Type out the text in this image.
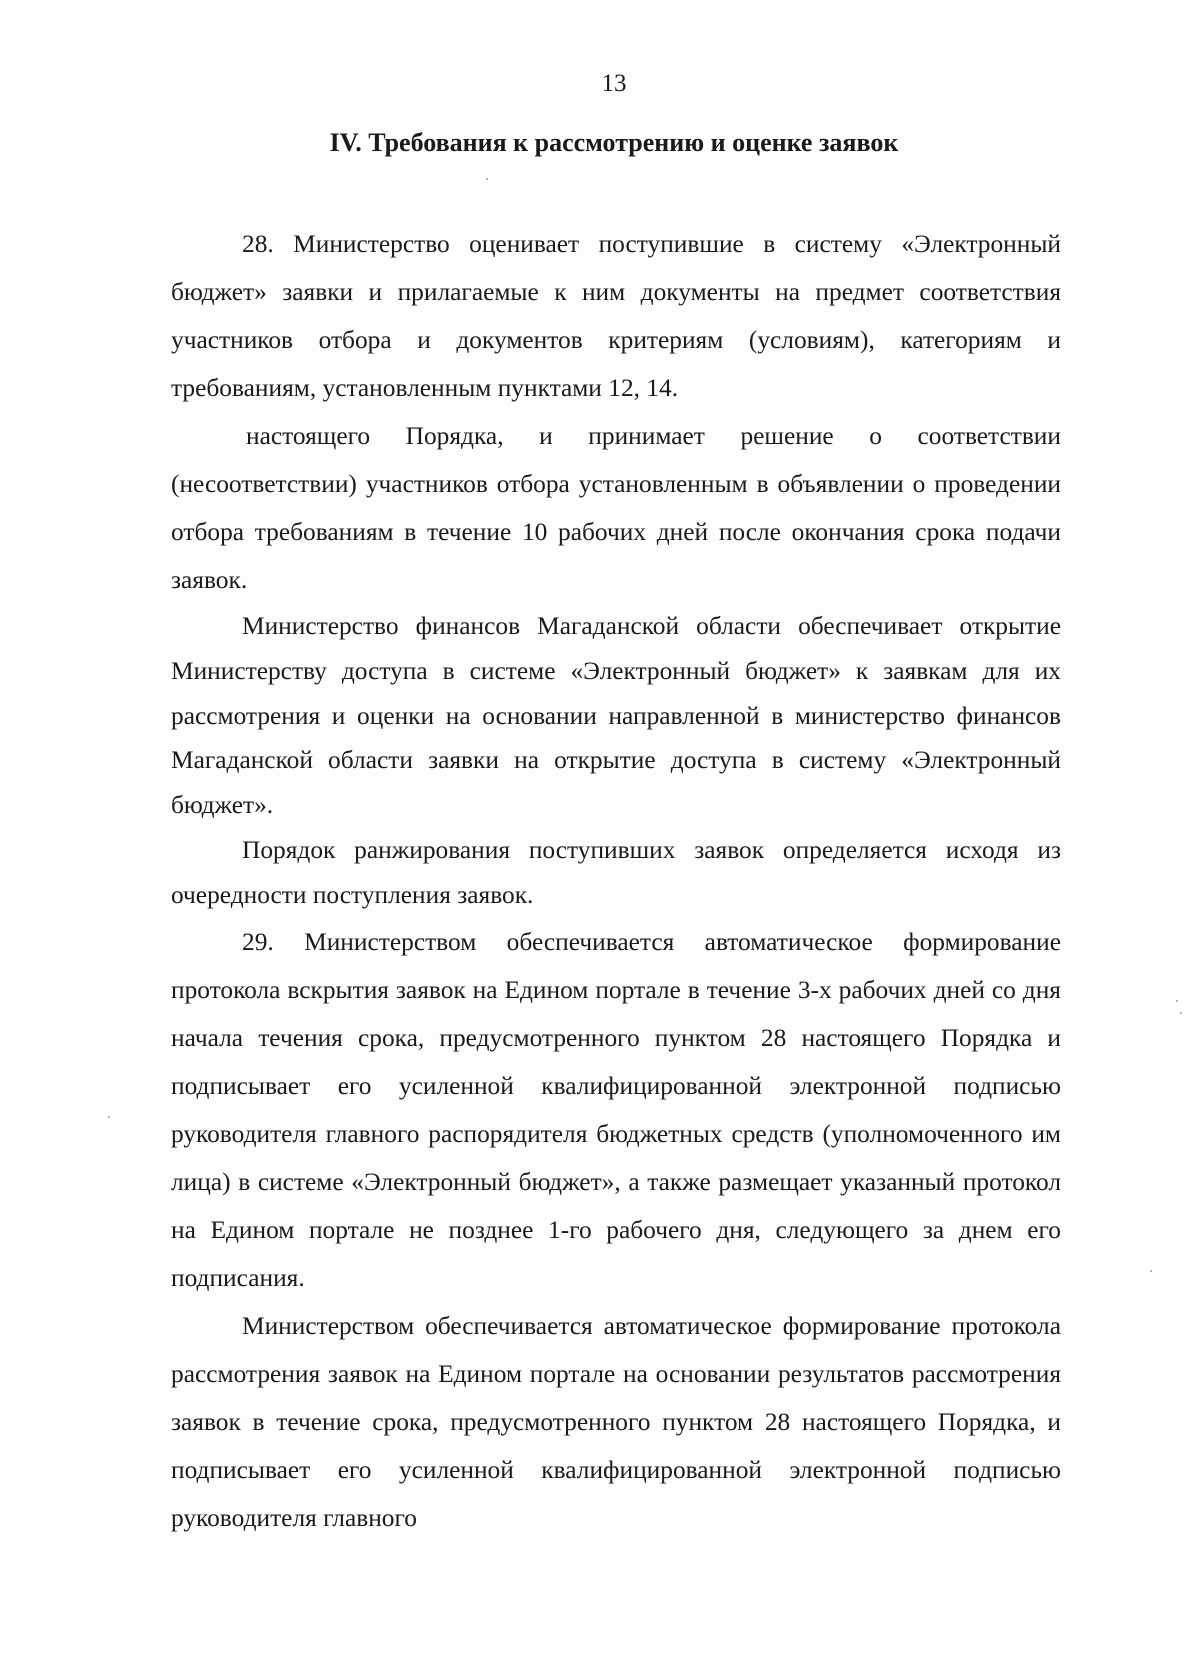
13
IV. Требования к рассмотрению и оценке заявок

28. Министерство оценивает поступившие в систему «Электронный бюджет» заявки и прилагаемые к ним документы на предмет соответствия участников отбора и документов критериям (условиям), категориям и требованиям, установленным пунктами 12, 14.

настоящего Порядка, и принимает решение о соответствии (несоответствии) участников отбора установленным в объявлении о проведении отбора требованиям в течение 10 рабочих дней после окончания срока подачи заявок.

Министерство финансов Магаданской области обеспечивает открытие Министерству доступа в системе «Электронный бюджет» к заявкам для их рассмотрения и оценки на основании направленной в министерство финансов Магаданской области заявки на открытие доступа в систему «Электронный бюджет».

Порядок ранжирования поступивших заявок определяется исходя из очередности поступления заявок.

29. Министерством обеспечивается автоматическое формирование протокола вскрытия заявок на Едином портале в течение 3-х рабочих дней со дня начала течения срока, предусмотренного пунктом 28 настоящего Порядка и подписывает его усиленной квалифицированной электронной подписью руководителя главного распорядителя бюджетных средств (уполномоченного им лица) в системе «Электронный бюджет», а также размещает указанный протокол на Едином портале не позднее 1-го рабочего дня, следующего за днем его подписания.

Министерством обеспечивается автоматическое формирование протокола рассмотрения заявок на Едином портале на основании результатов рассмотрения заявок в течение срока, предусмотренного пунктом 28 настоящего Порядка, и подписывает его усиленной квалифицированной электронной подписью руководителя главного
